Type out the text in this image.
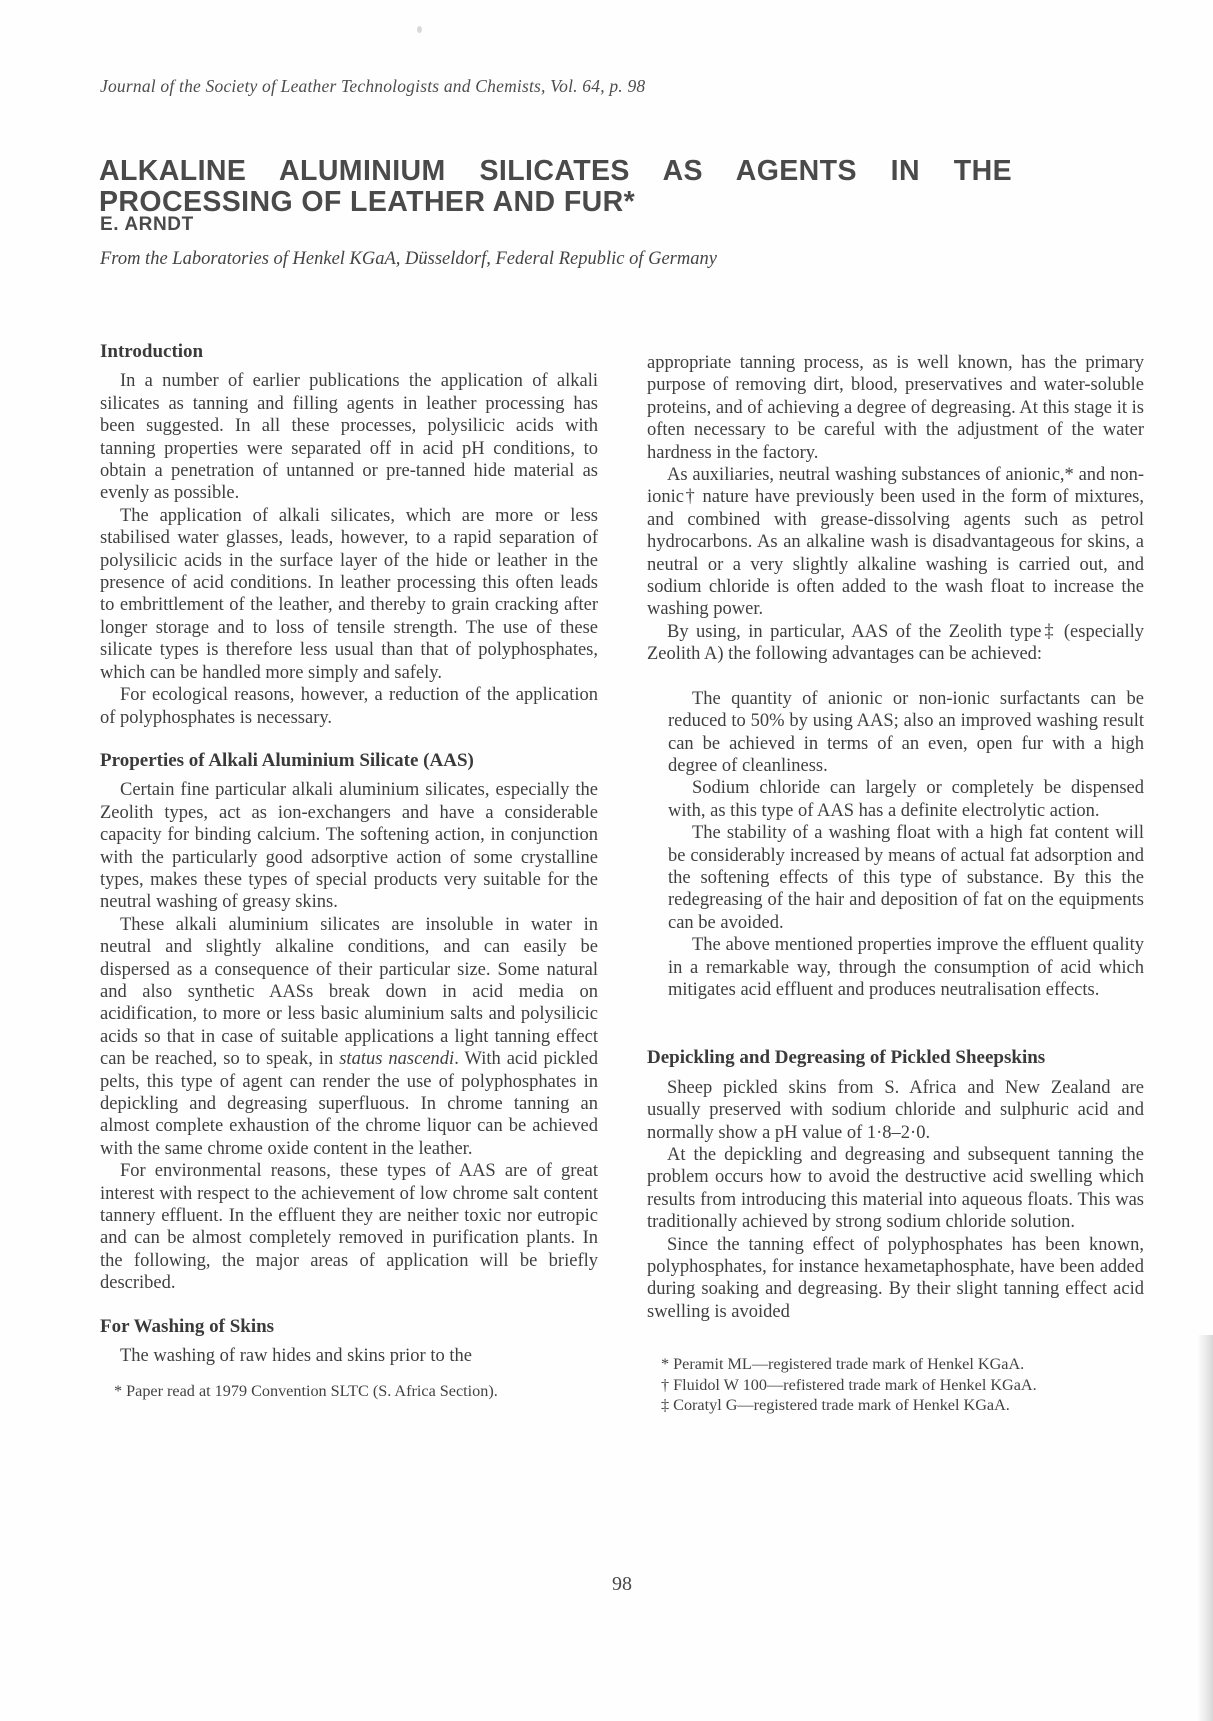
Journal of the Society of Leather Technologists and Chemists, Vol. 64, p. 98
ALKALINE ALUMINIUM SILICATES AS AGENTS IN THE
PROCESSING OF LEATHER AND FUR*
E. ARNDT
From the Laboratories of Henkel KGaA, Düsseldorf, Federal Republic of Germany
Introduction

In a number of earlier publications the application of alkali silicates as tanning and filling agents in leather processing has been suggested. In all these processes, polysilicic acids with tanning properties were separated off in acid pH conditions, to obtain a penetration of untanned or pre-tanned hide material as evenly as possible.

The application of alkali silicates, which are more or less stabilised water glasses, leads, however, to a rapid separation of polysilicic acids in the surface layer of the hide or leather in the presence of acid conditions. In leather processing this often leads to embrittlement of the leather, and thereby to grain cracking after longer storage and to loss of tensile strength. The use of these silicate types is therefore less usual than that of polyphosphates, which can be handled more simply and safely.

For ecological reasons, however, a reduction of the application of polyphosphates is necessary.

Properties of Alkali Aluminium Silicate (AAS)

Certain fine particular alkali aluminium silicates, especially the Zeolith types, act as ion-exchangers and have a considerable capacity for binding calcium. The softening action, in conjunction with the particularly good adsorptive action of some crystalline types, makes these types of special products very suitable for the neutral washing of greasy skins.

These alkali aluminium silicates are insoluble in water in neutral and slightly alkaline conditions, and can easily be dispersed as a consequence of their particular size. Some natural and also synthetic AASs break down in acid media on acidification, to more or less basic aluminium salts and polysilicic acids so that in case of suitable applications a light tanning effect can be reached, so to speak, in status nascendi. With acid pickled pelts, this type of agent can render the use of polyphosphates in depickling and degreasing superfluous. In chrome tanning an almost complete exhaustion of the chrome liquor can be achieved with the same chrome oxide content in the leather.

For environmental reasons, these types of AAS are of great interest with respect to the achievement of low chrome salt content tannery effluent. In the effluent they are neither toxic nor eutropic and can be almost completely removed in purification plants. In the following, the major areas of application will be briefly described.

For Washing of Skins

The washing of raw hides and skins prior to the

* Paper read at 1979 Convention SLTC (S. Africa Section).

appropriate tanning process, as is well known, has the primary purpose of removing dirt, blood, preservatives and water-soluble proteins, and of achieving a degree of degreasing. At this stage it is often necessary to be careful with the adjustment of the water hardness in the factory.

As auxiliaries, neutral washing substances of anionic,* and non-ionic† nature have previously been used in the form of mixtures, and combined with grease-dissolving agents such as petrol hydrocarbons. As an alkaline wash is disadvantageous for skins, a neutral or a very slightly alkaline washing is carried out, and sodium chloride is often added to the wash float to increase the washing power.

By using, in particular, AAS of the Zeolith type‡ (especially Zeolith A) the following advantages can be achieved:

The quantity of anionic or non-ionic surfactants can be reduced to 50% by using AAS; also an improved washing result can be achieved in terms of an even, open fur with a high degree of cleanliness.

Sodium chloride can largely or completely be dispensed with, as this type of AAS has a definite electrolytic action.

The stability of a washing float with a high fat content will be considerably increased by means of actual fat adsorption and the softening effects of this type of substance. By this the redegreasing of the hair and deposition of fat on the equipments can be avoided.

The above mentioned properties improve the effluent quality in a remarkable way, through the consumption of acid which mitigates acid effluent and produces neutralisation effects.

Depickling and Degreasing of Pickled Sheepskins

Sheep pickled skins from S. Africa and New Zealand are usually preserved with sodium chloride and sulphuric acid and normally show a pH value of 1·8–2·0.

At the depickling and degreasing and subsequent tanning the problem occurs how to avoid the destructive acid swelling which results from introducing this material into aqueous floats. This was traditionally achieved by strong sodium chloride solution.

Since the tanning effect of polyphosphates has been known, polyphosphates, for instance hexametaphosphate, have been added during soaking and degreasing. By their slight tanning effect acid swelling is avoided

* Peramit ML—registered trade mark of Henkel KGaA.

† Fluidol W 100—refistered trade mark of Henkel KGaA.

‡ Coratyl G—registered trade mark of Henkel KGaA.

98
